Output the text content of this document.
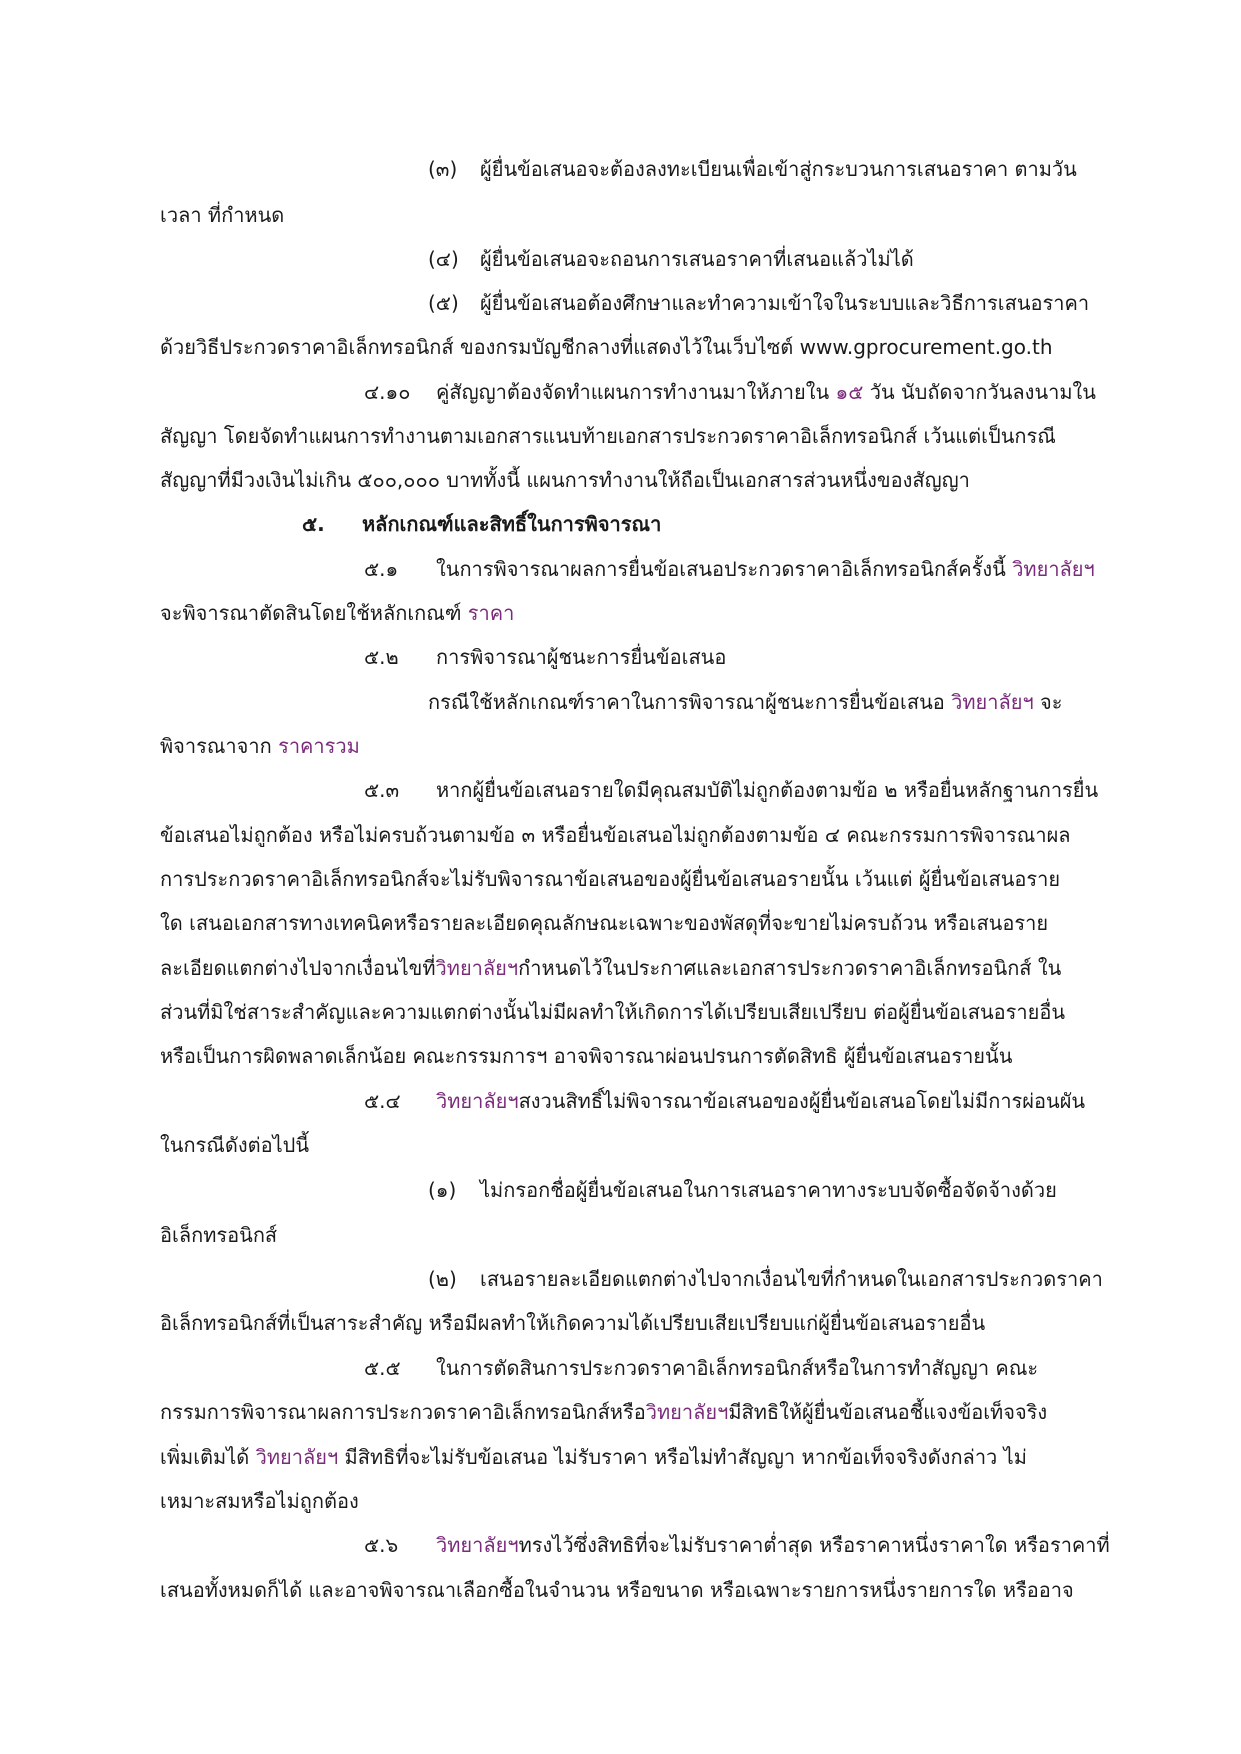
(๓) ผู้ยื่นข้อเสนอจะต้องลงทะเบียนเพื่อเข้าสู่กระบวนการเสนอราคา ตามวัน
เวลา ที่กำหนด
(๔) ผู้ยื่นข้อเสนอจะถอนการเสนอราคาที่เสนอแล้วไม่ได้
(๕) ผู้ยื่นข้อเสนอต้องศึกษาและทำความเข้าใจในระบบและวิธีการเสนอราคา
ด้วยวิธีประกวดราคาอิเล็กทรอนิกส์ ของกรมบัญชีกลางที่แสดงไว้ในเว็บไซต์ www.gprocurement.go.th
๔.๑๐ คู่สัญญาต้องจัดทำแผนการทำงานมาให้ภายใน ๑๕ วัน นับถัดจากวันลงนามใน
สัญญา โดยจัดทำแผนการทำงานตามเอกสารแนบท้ายเอกสารประกวดราคาอิเล็กทรอนิกส์ เว้นแต่เป็นกรณี
สัญญาที่มีวงเงินไม่เกิน ๕๐๐,๐๐๐ บาททั้งนี้ แผนการทำงานให้ถือเป็นเอกสารส่วนหนึ่งของสัญญา
๕. หลักเกณฑ์และสิทธิ์ในการพิจารณา
๕.๑ ในการพิจารณาผลการยื่นข้อเสนอประกวดราคาอิเล็กทรอนิกส์ครั้งนี้ วิทยาลัยฯ
จะพิจารณาตัดสินโดยใช้หลักเกณฑ์ ราคา
๕.๒ การพิจารณาผู้ชนะการยื่นข้อเสนอ
กรณีใช้หลักเกณฑ์ราคาในการพิจารณาผู้ชนะการยื่นข้อเสนอ วิทยาลัยฯ จะ
พิจารณาจาก ราคารวม
๕.๓ หากผู้ยื่นข้อเสนอรายใดมีคุณสมบัติไม่ถูกต้องตามข้อ ๒ หรือยื่นหลักฐานการยื่น
ข้อเสนอไม่ถูกต้อง หรือไม่ครบถ้วนตามข้อ ๓ หรือยื่นข้อเสนอไม่ถูกต้องตามข้อ ๔ คณะกรรมการพิจารณาผล
การประกวดราคาอิเล็กทรอนิกส์จะไม่รับพิจารณาข้อเสนอของผู้ยื่นข้อเสนอรายนั้น เว้นแต่ ผู้ยื่นข้อเสนอราย
ใด เสนอเอกสารทางเทคนิคหรือรายละเอียดคุณลักษณะเฉพาะของพัสดุที่จะขายไม่ครบถ้วน หรือเสนอราย
ละเอียดแตกต่างไปจากเงื่อนไขที่วิทยาลัยฯกำหนดไว้ในประกาศและเอกสารประกวดราคาอิเล็กทรอนิกส์ ใน
ส่วนที่มิใช่สาระสำคัญและความแตกต่างนั้นไม่มีผลทำให้เกิดการได้เปรียบเสียเปรียบ ต่อผู้ยื่นข้อเสนอรายอื่น
หรือเป็นการผิดพลาดเล็กน้อย คณะกรรมการฯ อาจพิจารณาผ่อนปรนการตัดสิทธิ ผู้ยื่นข้อเสนอรายนั้น
๕.๔ วิทยาลัยฯสงวนสิทธิ์ไม่พิจารณาข้อเสนอของผู้ยื่นข้อเสนอโดยไม่มีการผ่อนผัน
ในกรณีดังต่อไปนี้
(๑) ไม่กรอกชื่อผู้ยื่นข้อเสนอในการเสนอราคาทางระบบจัดซื้อจัดจ้างด้วย
อิเล็กทรอนิกส์
(๒) เสนอรายละเอียดแตกต่างไปจากเงื่อนไขที่กำหนดในเอกสารประกวดราคา
อิเล็กทรอนิกส์ที่เป็นสาระสำคัญ หรือมีผลทำให้เกิดความได้เปรียบเสียเปรียบแก่ผู้ยื่นข้อเสนอรายอื่น
๕.๕ ในการตัดสินการประกวดราคาอิเล็กทรอนิกส์หรือในการทำสัญญา คณะ
กรรมการพิจารณาผลการประกวดราคาอิเล็กทรอนิกส์หรือวิทยาลัยฯมีสิทธิให้ผู้ยื่นข้อเสนอชี้แจงข้อเท็จจริง
เพิ่มเติมได้ วิทยาลัยฯ มีสิทธิที่จะไม่รับข้อเสนอ ไม่รับราคา หรือไม่ทำสัญญา หากข้อเท็จจริงดังกล่าว ไม่
เหมาะสมหรือไม่ถูกต้อง
๕.๖ วิทยาลัยฯทรงไว้ซึ่งสิทธิที่จะไม่รับราคาต่ำสุด หรือราคาหนึ่งราคาใด หรือราคาที่
เสนอทั้งหมดก็ได้ และอาจพิจารณาเลือกซื้อในจำนวน หรือขนาด หรือเฉพาะรายการหนึ่งรายการใด หรืออาจ
